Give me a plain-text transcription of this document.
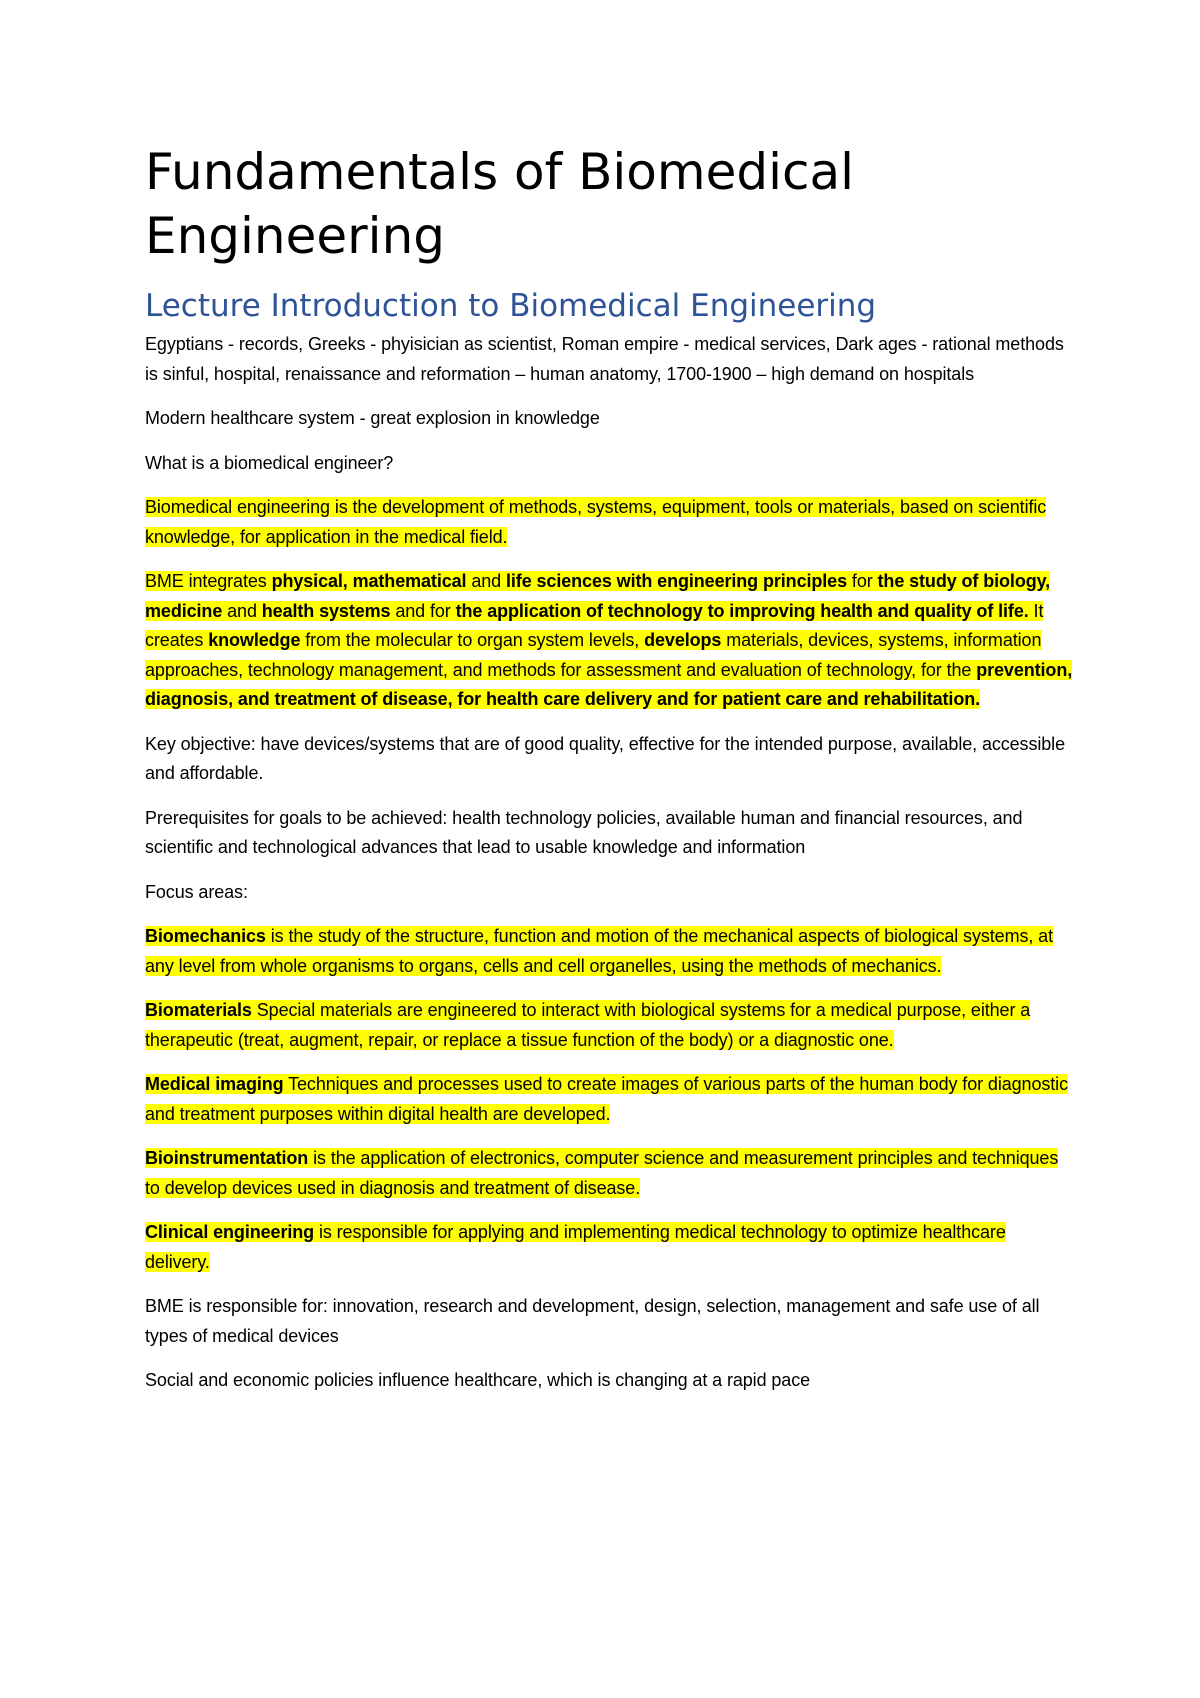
Fundamentals of Biomedical Engineering
Lecture Introduction to Biomedical Engineering

Egyptians - records, Greeks - phyisician as scientist, Roman empire - medical services, Dark ages - rational methods is sinful, hospital, renaissance and reformation – human anatomy, 1700-1900 – high demand on hospitals

Modern healthcare system - great explosion in knowledge

What is a biomedical engineer?

Biomedical engineering is the development of methods, systems, equipment, tools or materials, based on scientific knowledge, for application in the medical field.

BME integrates physical, mathematical and life sciences with engineering principles for the study of biology, medicine and health systems and for the application of technology to improving health and quality of life. It creates knowledge from the molecular to organ system levels, develops materials, devices, systems, information approaches, technology management, and methods for assessment and evaluation of technology, for the prevention, diagnosis, and treatment of disease, for health care delivery and for patient care and rehabilitation.

Key objective: have devices/systems that are of good quality, effective for the intended purpose, available, accessible and affordable.

Prerequisites for goals to be achieved: health technology policies, available human and financial resources, and scientific and technological advances that lead to usable knowledge and information

Focus areas:

Biomechanics is the study of the structure, function and motion of the mechanical aspects of biological systems, at any level from whole organisms to organs, cells and cell organelles, using the methods of mechanics.

Biomaterials Special materials are engineered to interact with biological systems for a medical purpose, either a therapeutic (treat, augment, repair, or replace a tissue function of the body) or a diagnostic one.

Medical imaging Techniques and processes used to create images of various parts of the human body for diagnostic and treatment purposes within digital health are developed.

Bioinstrumentation is the application of electronics, computer science and measurement principles and techniques to develop devices used in diagnosis and treatment of disease.

Clinical engineering is responsible for applying and implementing medical technology to optimize healthcare delivery.

BME is responsible for: innovation, research and development, design, selection, management and safe use of all types of medical devices

Social and economic policies influence healthcare, which is changing at a rapid pace
